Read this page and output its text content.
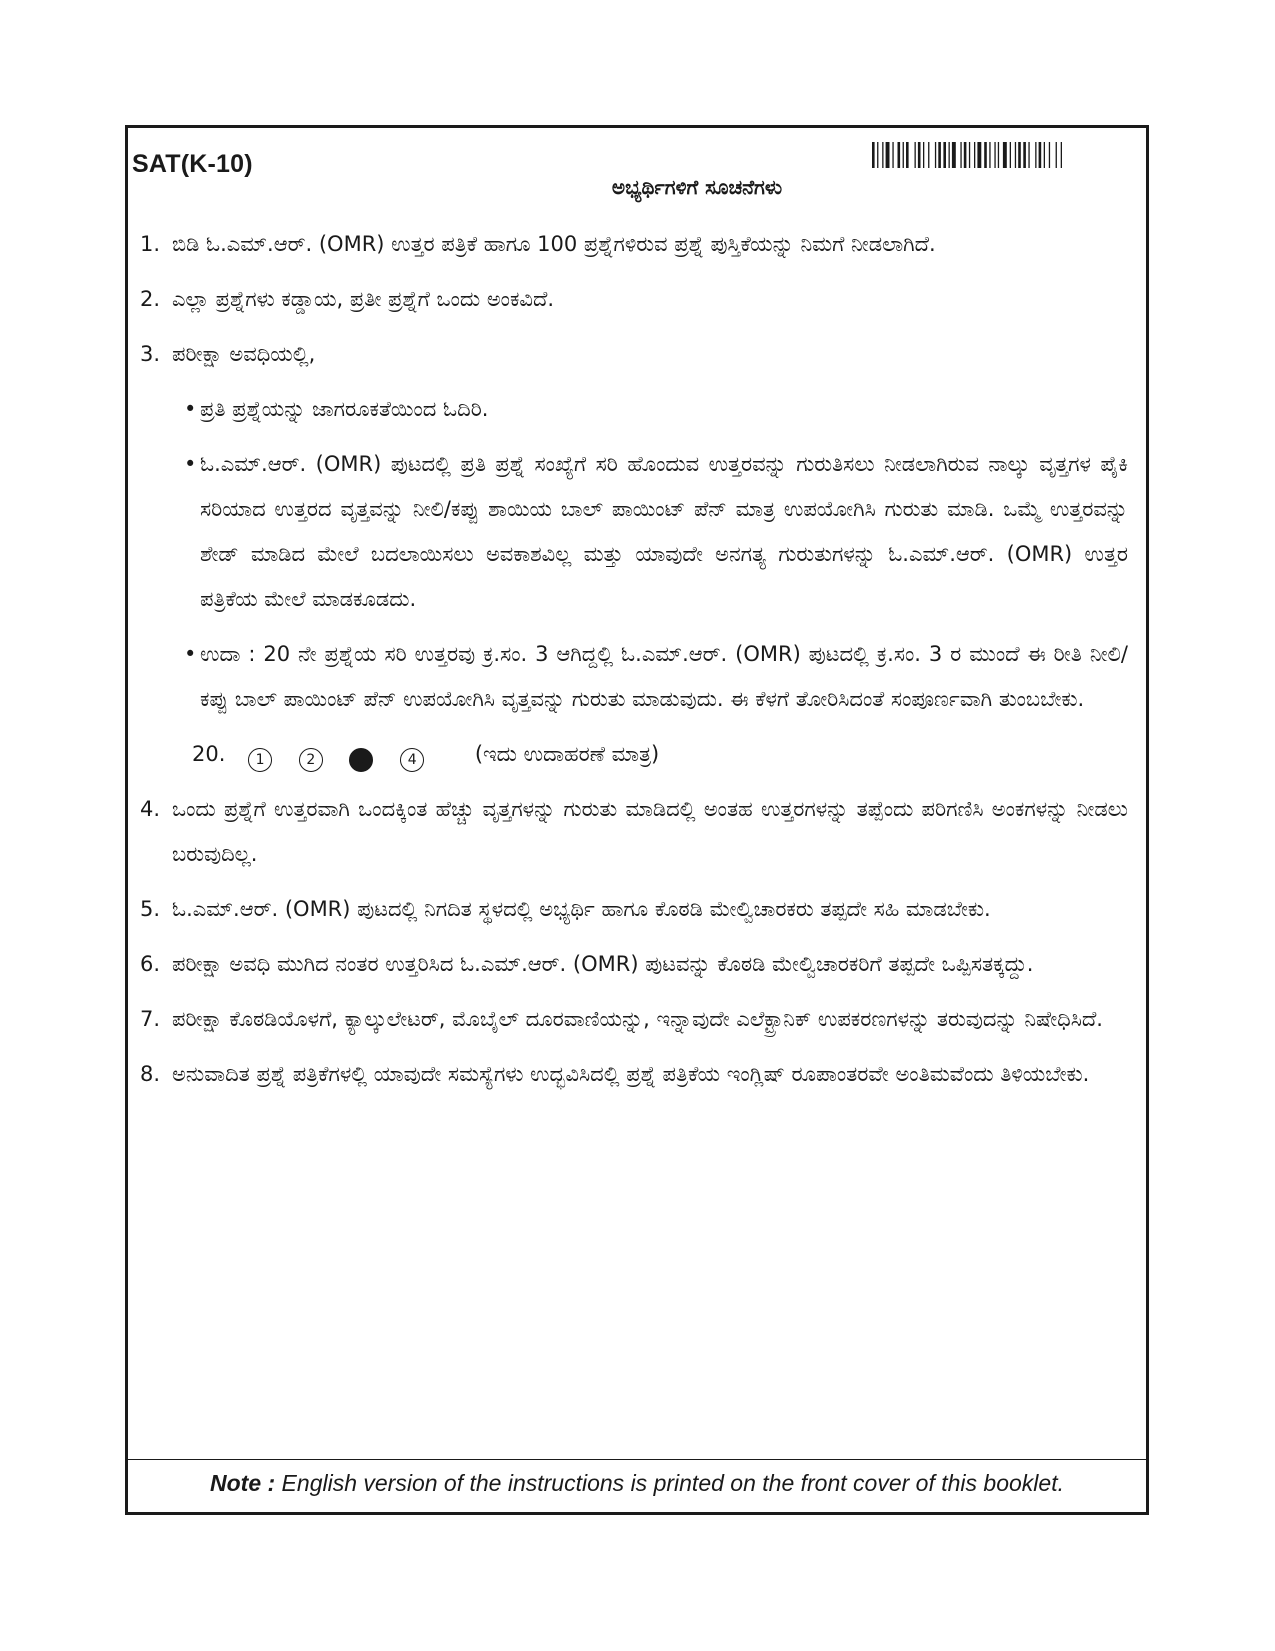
SAT(K-10)
ಅಭ್ಯರ್ಥಿಗಳಿಗೆ ಸೂಚನೆಗಳು
1. ಬಿಡಿ ಓ.ಎಮ್.ಆರ್. (OMR) ಉತ್ತರ ಪತ್ರಿಕೆ ಹಾಗೂ 100 ಪ್ರಶ್ನೆಗಳಿರುವ ಪ್ರಶ್ನೆ ಪುಸ್ತಿಕೆಯನ್ನು ನಿಮಗೆ ನೀಡಲಾಗಿದೆ.
2. ಎಲ್ಲಾ ಪ್ರಶ್ನೆಗಳು ಕಡ್ಡಾಯ, ಪ್ರತೀ ಪ್ರಶ್ನೆಗೆ ಒಂದು ಅಂಕವಿದೆ.
3. ಪರೀಕ್ಷಾ ಅವಧಿಯಲ್ಲಿ,
• ಪ್ರತಿ ಪ್ರಶ್ನೆಯನ್ನು ಜಾಗರೂಕತೆಯಿಂದ ಓದಿರಿ.
• ಓ.ಎಮ್.ಆರ್. (OMR) ಪುಟದಲ್ಲಿ ಪ್ರತಿ ಪ್ರಶ್ನೆ ಸಂಖ್ಯೆಗೆ ಸರಿ ಹೊಂದುವ ಉತ್ತರವನ್ನು ಗುರುತಿಸಲು ನೀಡಲಾಗಿರುವ ನಾಲ್ಕು ವೃತ್ತಗಳ ಪೈಕಿ ಸರಿಯಾದ ಉತ್ತರದ ವೃತ್ತವನ್ನು ನೀಲಿ/ಕಪ್ಪು ಶಾಯಿಯ ಬಾಲ್ ಪಾಯಿಂಟ್ ಪೆನ್ ಮಾತ್ರ ಉಪಯೋಗಿಸಿ ಗುರುತು ಮಾಡಿ. ಒಮ್ಮೆ ಉತ್ತರವನ್ನು ಶೇಡ್ ಮಾಡಿದ ಮೇಲೆ ಬದಲಾಯಿಸಲು ಅವಕಾಶವಿಲ್ಲ ಮತ್ತು ಯಾವುದೇ ಅನಗತ್ಯ ಗುರುತುಗಳನ್ನು ಓ.ಎಮ್.ಆರ್. (OMR) ಉತ್ತರ ಪತ್ರಿಕೆಯ ಮೇಲೆ ಮಾಡಕೂಡದು.
• ಉದಾ : 20 ನೇ ಪ್ರಶ್ನೆಯ ಸರಿ ಉತ್ತರವು ಕ್ರ.ಸಂ. 3 ಆಗಿದ್ದಲ್ಲಿ ಓ.ಎಮ್.ಆರ್. (OMR) ಪುಟದಲ್ಲಿ ಕ್ರ.ಸಂ. 3 ರ ಮುಂದೆ ಈ ರೀತಿ ನೀಲಿ/ಕಪ್ಪು ಬಾಲ್ ಪಾಯಿಂಟ್ ಪೆನ್ ಉಪಯೋಗಿಸಿ ವೃತ್ತವನ್ನು ಗುರುತು ಮಾಡುವುದು. ಈ ಕೆಳಗೆ ತೋರಿಸಿದಂತೆ ಸಂಪೂರ್ಣವಾಗಿ ತುಂಬಬೇಕು.
20. 1	2	3	4	(ಇದು ಉದಾಹರಣೆ ಮಾತ್ರ)
4. ಒಂದು ಪ್ರಶ್ನೆಗೆ ಉತ್ತರವಾಗಿ ಒಂದಕ್ಕಿಂತ ಹೆಚ್ಚು ವೃತ್ತಗಳನ್ನು ಗುರುತು ಮಾಡಿದಲ್ಲಿ ಅಂತಹ ಉತ್ತರಗಳನ್ನು ತಪ್ಪೆಂದು ಪರಿಗಣಿಸಿ ಅಂಕಗಳನ್ನು ನೀಡಲು ಬರುವುದಿಲ್ಲ.
5. ಓ.ಎಮ್.ಆರ್. (OMR) ಪುಟದಲ್ಲಿ ನಿಗದಿತ ಸ್ಥಳದಲ್ಲಿ ಅಭ್ಯರ್ಥಿ ಹಾಗೂ ಕೊಠಡಿ ಮೇಲ್ವಿಚಾರಕರು ತಪ್ಪದೇ ಸಹಿ ಮಾಡಬೇಕು.
6. ಪರೀಕ್ಷಾ ಅವಧಿ ಮುಗಿದ ನಂತರ ಉತ್ತರಿಸಿದ ಓ.ಎಮ್.ಆರ್. (OMR) ಪುಟವನ್ನು ಕೊಠಡಿ ಮೇಲ್ವಿಚಾರಕರಿಗೆ ತಪ್ಪದೇ ಒಪ್ಪಿಸತಕ್ಕದ್ದು.
7. ಪರೀಕ್ಷಾ ಕೊಠಡಿಯೊಳಗೆ, ಕ್ಯಾಲ್ಕುಲೇಟರ್, ಮೊಬೈಲ್ ದೂರವಾಣಿಯನ್ನು, ಇನ್ನಾವುದೇ ಎಲೆಕ್ಟ್ರಾನಿಕ್ ಉಪಕರಣಗಳನ್ನು ತರುವುದನ್ನು ನಿಷೇಧಿಸಿದೆ.
8. ಅನುವಾದಿತ ಪ್ರಶ್ನೆ ಪತ್ರಿಕೆಗಳಲ್ಲಿ ಯಾವುದೇ ಸಮಸ್ಯೆಗಳು ಉದ್ಭವಿಸಿದಲ್ಲಿ ಪ್ರಶ್ನೆ ಪತ್ರಿಕೆಯ ಇಂಗ್ಲಿಷ್ ರೂಪಾಂತರವೇ ಅಂತಿಮವೆಂದು ತಿಳಿಯಬೇಕು.
Note : English version of the instructions is printed on the front cover of this booklet.
